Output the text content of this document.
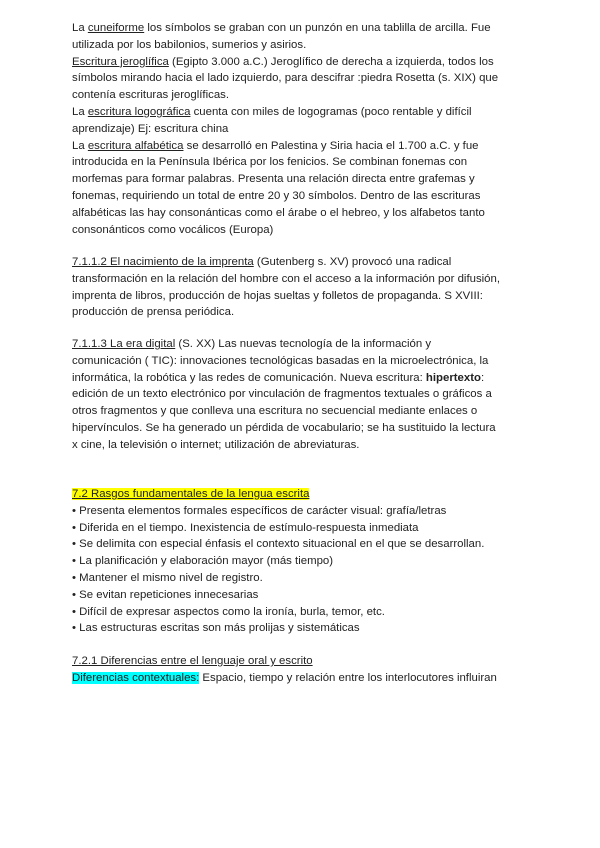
La cuneiforme los símbolos se graban con un punzón en una tablilla de arcilla. Fue
utilizada por los babilonios, sumerios y asirios.
Escritura jeroglífica (Egipto 3.000 a.C.) Jeroglífico de derecha a izquierda, todos los
símbolos mirando hacia el lado izquierdo, para descifrar :piedra Rosetta (s. XIX) que
contenía escrituras jeroglíficas.
La escritura logográfica cuenta con miles de logogramas (poco rentable y difícil
aprendizaje) Ej: escritura china
La escritura alfabética se desarrolló en Palestina y Siria hacia el 1.700 a.C. y fue
introducida en la Península Ibérica por los fenicios. Se combinan fonemas con
morfemas para formar palabras. Presenta una relación directa entre grafemas y
fonemas, requiriendo un total de entre 20 y 30 símbolos. Dentro de las escrituras
alfabéticas las hay consonánticas como el árabe o el hebreo, y los alfabetos tanto
consonánticos como vocálicos (Europa)
7.1.1.2 El nacimiento de la imprenta (Gutenberg s. XV) provocó una radical
transformación en la relación del hombre con el acceso a la información por difusión,
imprenta de libros, producción de hojas sueltas y folletos de propaganda. S XVIII:
producción de prensa periódica.
7.1.1.3 La era digital (S. XX) Las nuevas tecnología de la información y
comunicación ( TIC): innovaciones tecnológicas basadas en la microelectrónica, la
informática, la robótica y las redes de comunicación. Nueva escritura: hipertexto:
edición de un texto electrónico por vinculación de fragmentos textuales o gráficos a
otros fragmentos y que conlleva una escritura no secuencial mediante enlaces o
hipervínculos. Se ha generado un pérdida de vocabulario; se ha sustituido la lectura
x cine, la televisión o internet; utilización de abreviaturas.
7.2 Rasgos fundamentales de la lengua escrita
• Presenta elementos formales específicos de carácter visual: grafía/letras
• Diferida en el tiempo. Inexistencia de estímulo-respuesta inmediata
• Se delimita con especial énfasis el contexto situacional en el que se desarrollan.
• La planificación y elaboración mayor (más tiempo)
• Mantener el mismo nivel de registro.
• Se evitan repeticiones innecesarias
• Difícil de expresar aspectos como la ironía, burla, temor, etc.
• Las estructuras escritas son más prolijas y sistemáticas
7.2.1 Diferencias entre el lenguaje oral y escrito
Diferencias contextuales: Espacio, tiempo y relación entre los interlocutores influiran
